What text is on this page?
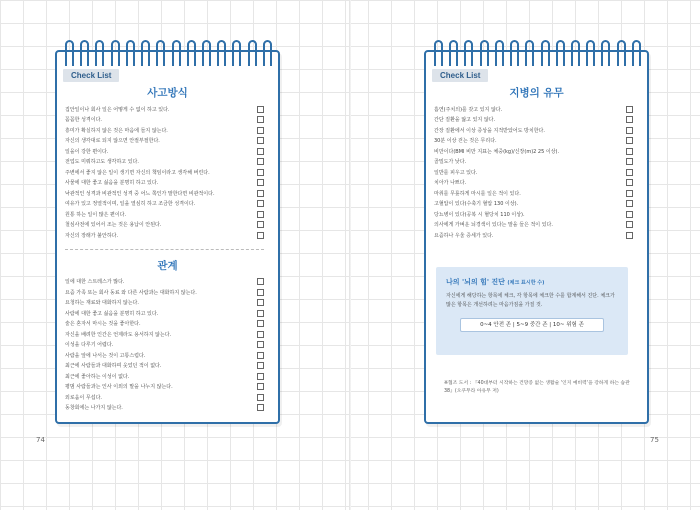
Check List
사고방식
집안일이나 회사 일은 어떻게 수 없이 하고 있다.
꼼꼼한 성격이다.
흥미가 확실하지 않은 것은 마음에 들지 않는다.
자신의 생각대로 되지 않으면 안절부절한다.
일을이 강한 편이다.
전업도 미뤄하고도 생각하고 있다.
주변에서 좋지 않은 일이 생기면 자신의 책임이라고 생각해 버린다.
사물에 대한 좋고 싫음을 분명히 하고 있다.
낙관적인 성격과 비관적인 성격 중 어느 쪽인가 말한다면 비관적이다.
여유가 있고 정열적이며, 일을 열심히 하고 조금한 성격이다.
원통 하는 일이 많은 편이다.
철심사전에 있어서 조는 것은 용납이 안된다.
자신의 장래가 불안하다.
관계
일에 대한 스트레스가 많다.
요즘 가족 또는 회사 동료 와 다른 사람과는 대화하지 않는다.
요청하는 재료와 대화하지 않는다.
사람에 대한 좋고 싫음을 분명히 하고 있다.
술은 혼자서 마시는 것을 좋아한다.
자신을 배려한 인간은 언제라도 용서하지 않는다.
이성을 다루기 어렵다.
사람을 앞에 나서는 것이 고통스럽다.
최근에 사람들과 대화하며 웃었던 적이 없다.
최근에 좋아하는 이성이 없다.
평범 사람들과는 인사 이외의 말을 나누지 않는다.
외로움이 무섭다.
동창회에는 나가지 않는다.
Check List
지병의 유무
흡연(주치의)를 갖고 있지 않다.
간단 질환을 앓고 있지 않다.
간장 질환에서 이상 증상을 지적받았어도 방치한다.
30분 이상 걷는 것은 무리다.
비만이다(BMI 비만 지표는 체중(kg)/신장(m)2 25 이상).
골밀도가 낮다.
일반를 피우고 있다.
치아가 나쁘다.
마취를 무릎하게 마시를 일은 적이 있다.
고혈압이 있다(수축기 혈압 130 이상).
당뇨병이 있다(공복 시 혈당치 110 이상).
의사에게 가벼운 뇌경색이 있다는 말을 들은 적이 있다.
요즘하나 우울 증세가 있다.
나의 '뇌의 힘' 진단 (체크 표시한 수)
자신에게 해당하는 항목에 체크, 각 항목에 체크한 수를 합계해서 진단. 체크가 많은 항목은 개선하려는 마음가짐을 가질 것.
0~4 안전 존 | 5~9 중간 존 | 10~ 위험 존
※협조 도서 : 『40대부터 시작하는 건망증 없는 생활술 '인지 예비력'을 강하게 하는 습관 38』(오쿠무라 아유무 저)
74	75
